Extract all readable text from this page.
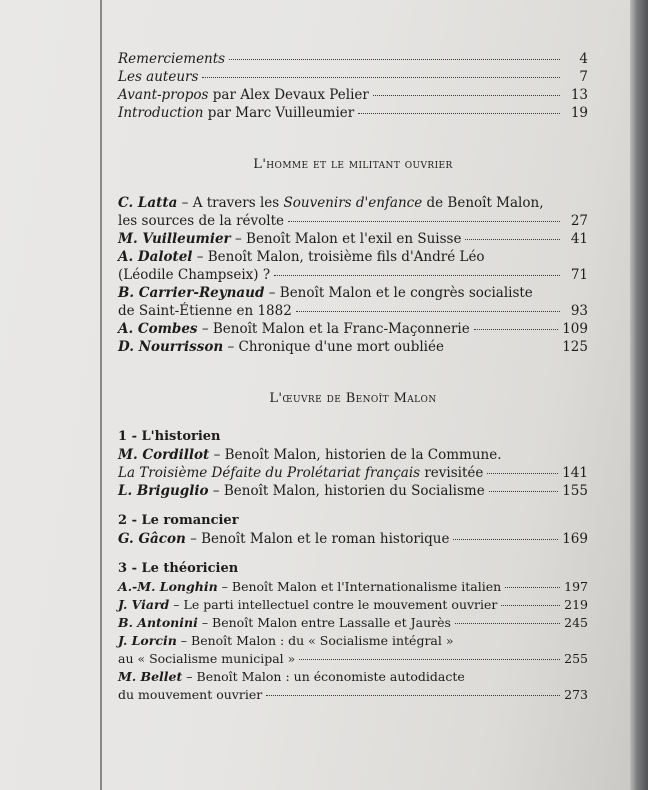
Remerciements	4
Les auteurs	7
Avant-propos par Alex Devaux Pelier	13
Introduction par Marc Vuilleumier	19
L'homme et le militant ouvrier
C. Latta – A travers les Souvenirs d'enfance de Benoît Malon,
les sources de la révolte	27
M. Vuilleumier – Benoît Malon et l'exil en Suisse	41
A. Dalotel – Benoît Malon, troisième fils d'André Léo
(Léodile Champseix) ?	71
B. Carrier-Reynaud – Benoît Malon et le congrès socialiste
de Saint-Étienne en 1882	93
A. Combes – Benoît Malon et la Franc-Maçonnerie	109
D. Nourrisson – Chronique d'une mort oubliée	125
L'œuvre de Benoît Malon
1 - L'historien
M. Cordillot – Benoît Malon, historien de la Commune.
La Troisième Défaite du Prolétariat français revisitée	141
L. Briguglio – Benoît Malon, historien du Socialisme	155
2 - Le romancier
G. Gâcon – Benoît Malon et le roman historique	169
3 - Le théoricien
A.-M. Longhin – Benoît Malon et l'Internationalisme italien	197
J. Viard – Le parti intellectuel contre le mouvement ouvrier	219
B. Antonini – Benoît Malon entre Lassalle et Jaurès	245
J. Lorcin – Benoît Malon : du « Socialisme intégral »
au « Socialisme municipal »	255
M. Bellet – Benoît Malon : un économiste autodidacte
du mouvement ouvrier	273
